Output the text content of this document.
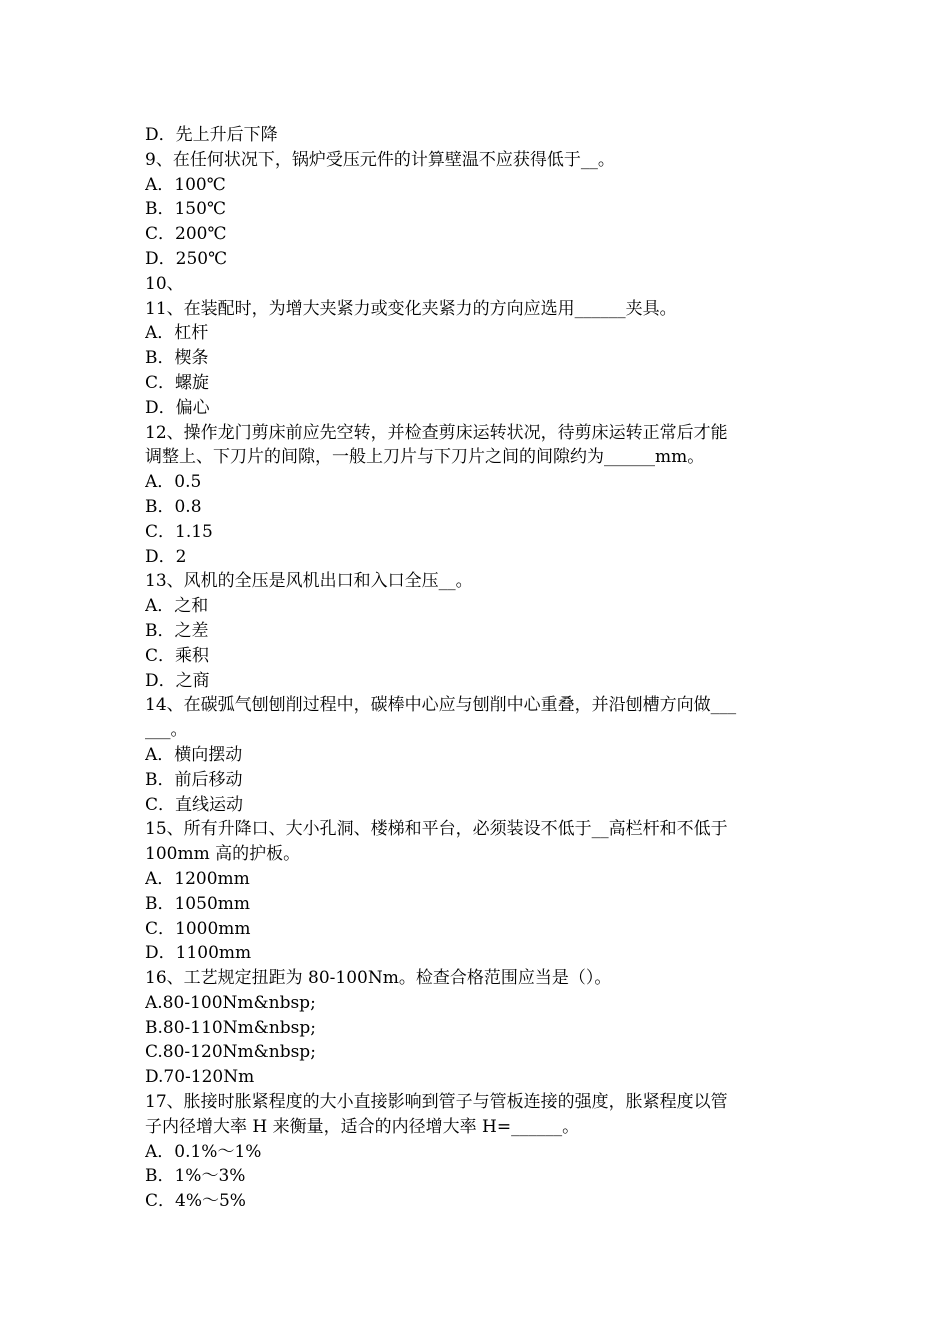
D．先上升后下降
9、在任何状况下，锅炉受压元件的计算壁温不应获得低于__。
A．100℃
B．150℃
C．200℃
D．250℃
10、
11、在装配时，为增大夹紧力或变化夹紧力的方向应选用______夹具。
A．杠杆
B．楔条
C．螺旋
D．偏心
12、操作龙门剪床前应先空转，并检查剪床运转状况，待剪床运转正常后才能
调整上、下刀片的间隙，一般上刀片与下刀片之间的间隙约为______mm。
A．0.5
B．0.8
C．1.15
D．2
13、风机的全压是风机出口和入口全压__。
A．之和
B．之差
C．乘积
D．之商
14、在碳弧气刨刨削过程中，碳棒中心应与刨削中心重叠，并沿刨槽方向做___
___。
A．横向摆动
B．前后移动
C．直线运动
15、所有升降口、大小孔洞、楼梯和平台，必须装设不低于__高栏杆和不低于
100mm 高的护板。
A．1200mm
B．1050mm
C．1000mm
D．1100mm
16、工艺规定扭距为 80-100Nm。检查合格范围应当是（）。
A.80-100Nm&nbsp;
B.80-110Nm&nbsp;
C.80-120Nm&nbsp;
D.70-120Nm
17、胀接时胀紧程度的大小直接影响到管子与管板连接的强度，胀紧程度以管
子内径增大率 H 来衡量，适合的内径增大率 H=______。
A．0.1%～1%
B．1%～3%
C．4%～5%
